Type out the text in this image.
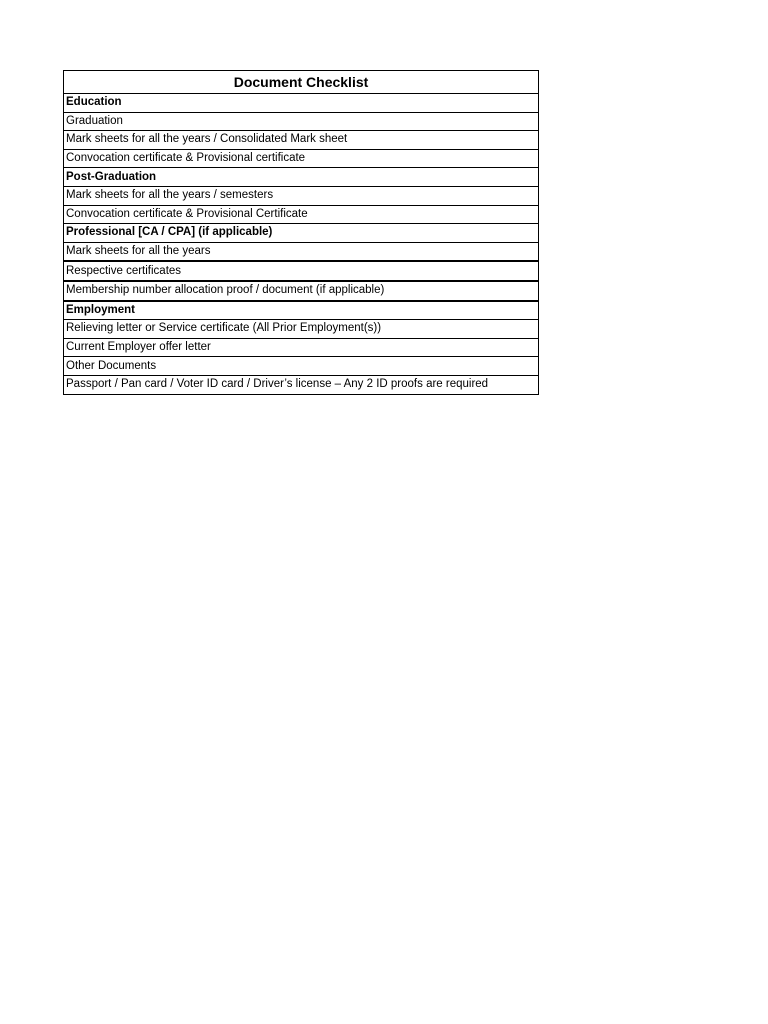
Document Checklist
Education
Graduation
Mark sheets for all the years / Consolidated Mark sheet
Convocation certificate & Provisional certificate
Post-Graduation
Mark sheets for all the years / semesters
Convocation certificate & Provisional Certificate
Professional [CA / CPA] (if applicable)
Mark sheets for all the years
Respective certificates
Membership number allocation proof / document (if applicable)
Employment
Relieving letter or Service certificate (All Prior Employment(s))
Current Employer offer letter
Other Documents
Passport / Pan card / Voter ID card / Driver’s license – Any 2 ID proofs are required
